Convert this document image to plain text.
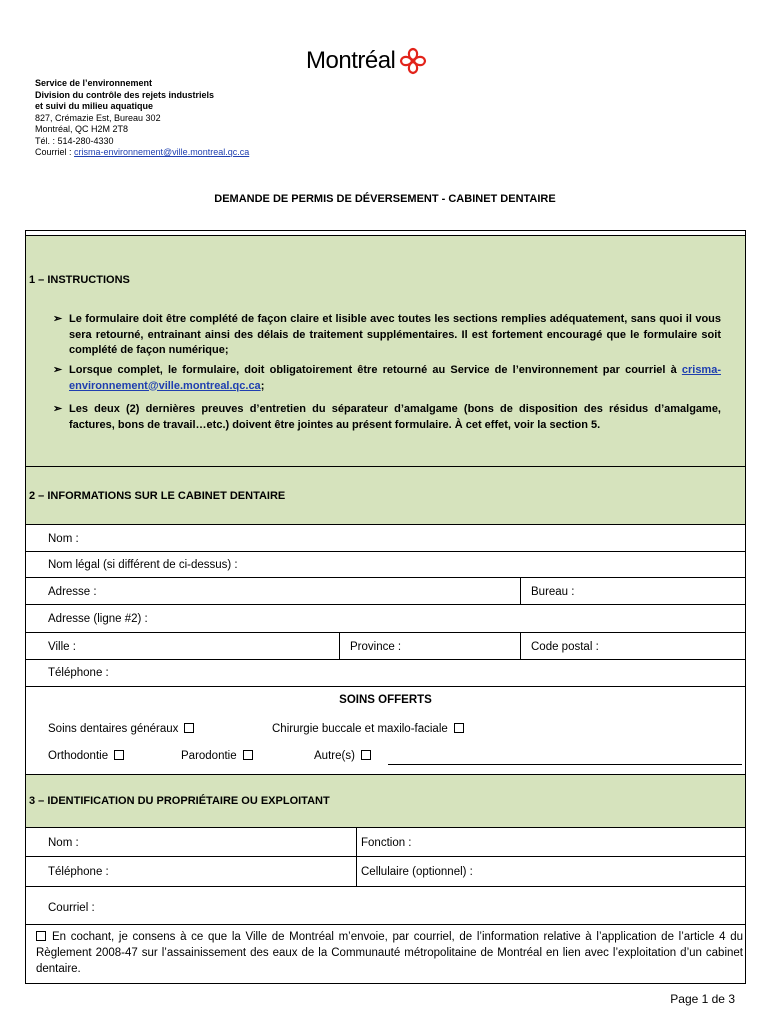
Montréal
Service de l’environnement
Division du contrôle des rejets industriels
et suivi du milieu aquatique
827, Crémazie Est, Bureau 302
Montréal, QC H2M 2T8
Tél. : 514-280-4330
Courriel : crisma-environnement@ville.montreal.qc.ca
DEMANDE DE PERMIS DE DÉVERSEMENT - CABINET DENTAIRE
1 – INSTRUCTIONS
➢ Le formulaire doit être complété de façon claire et lisible avec toutes les sections remplies adéquatement, sans quoi il vous sera retourné, entrainant ainsi des délais de traitement supplémentaires. Il est fortement encouragé que le formulaire soit complété de façon numérique;
➢ Lorsque complet, le formulaire, doit obligatoirement être retourné au Service de l’environnement par courriel à crisma-environnement@ville.montreal.qc.ca;
➢ Les deux (2) dernières preuves d’entretien du séparateur d’amalgame (bons de disposition des résidus d’amalgame, factures, bons de travail…etc.) doivent être jointes au présent formulaire. À cet effet, voir la section 5.
2 – INFORMATIONS SUR LE CABINET DENTAIRE
Nom :
Nom légal (si différent de ci-dessus) :
Adresse :	Bureau :
Adresse (ligne #2) :
Ville :	Province :	Code postal :
Téléphone :
SOINS OFFERTS
Soins dentaires généraux	Chirurgie buccale et maxilo-faciale
Orthodontie	Parodontie	Autre(s)
3 – IDENTIFICATION DU PROPRIÉTAIRE OU EXPLOITANT
Nom :	Fonction :
Téléphone :	Cellulaire (optionnel) :
Courriel :
En cochant, je consens à ce que la Ville de Montréal m’envoie, par courriel, de l’information relative à l’application de l’article 4 du Règlement 2008-47 sur l’assainissement des eaux de la Communauté métropolitaine de Montréal en lien avec l’exploitation d’un cabinet dentaire.
Page 1 de 3
